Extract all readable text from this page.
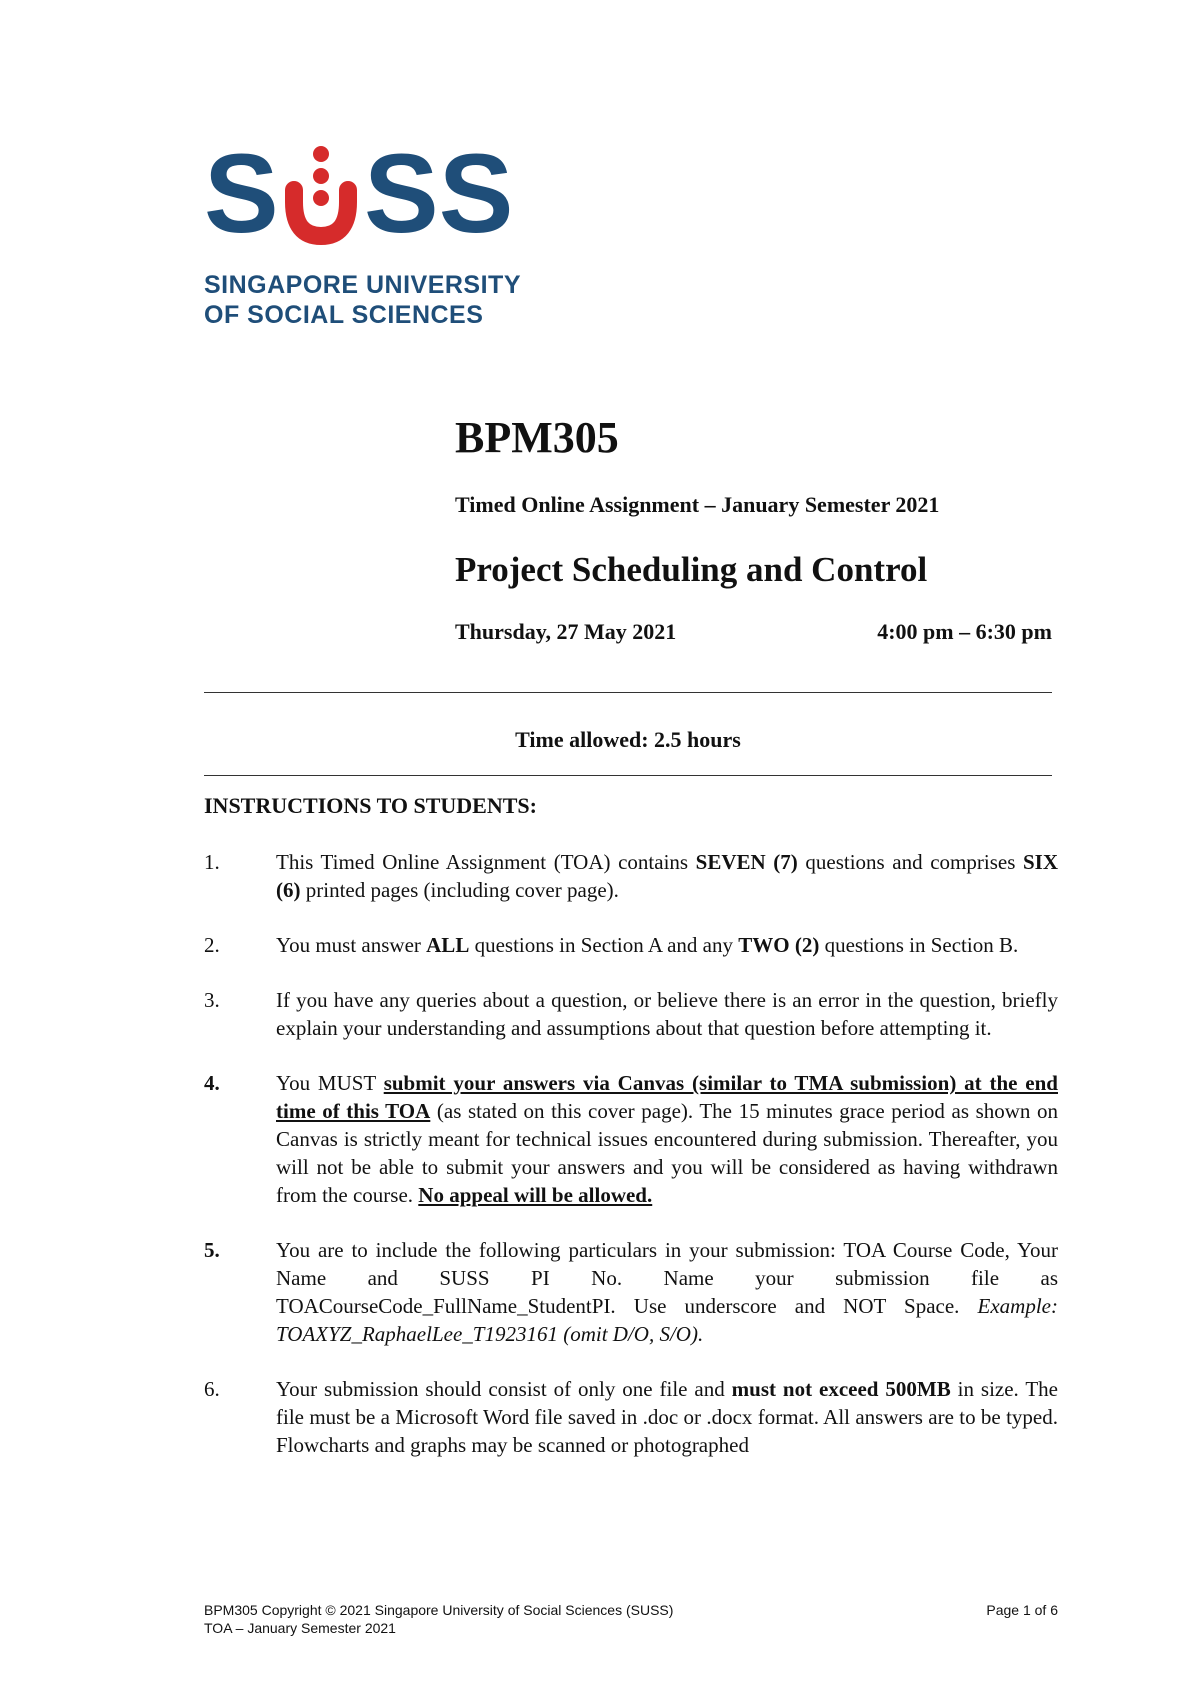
S SS
SINGAPORE UNIVERSITY
OF SOCIAL SCIENCES
BPM305
Timed Online Assignment – January Semester 2021
Project Scheduling and Control
Thursday, 27 May 2021	4:00 pm – 6:30 pm
Time allowed: 2.5 hours
INSTRUCTIONS TO STUDENTS:
1.	This Timed Online Assignment (TOA) contains SEVEN (7) questions and comprises SIX (6) printed pages (including cover page).
2.	You must answer ALL questions in Section A and any TWO (2) questions in Section B.
3.	If you have any queries about a question, or believe there is an error in the question, briefly explain your understanding and assumptions about that question before attempting it.
4.	You MUST submit your answers via Canvas (similar to TMA submission) at the end time of this TOA (as stated on this cover page). The 15 minutes grace period as shown on Canvas is strictly meant for technical issues encountered during submission. Thereafter, you will not be able to submit your answers and you will be considered as having withdrawn from the course. No appeal will be allowed.
5.	You are to include the following particulars in your submission: TOA Course Code, Your Name and SUSS PI No. Name your submission file as TOACourseCode_FullName_StudentPI. Use underscore and NOT Space. Example: TOAXYZ_RaphaelLee_T1923161 (omit D/O, S/O).
6.	Your submission should consist of only one file and must not exceed 500MB in size. The file must be a Microsoft Word file saved in .doc or .docx format. All answers are to be typed. Flowcharts and graphs may be scanned or photographed
BPM305 Copyright © 2021 Singapore University of Social Sciences (SUSS)
TOA – January Semester 2021
Page 1 of 6
